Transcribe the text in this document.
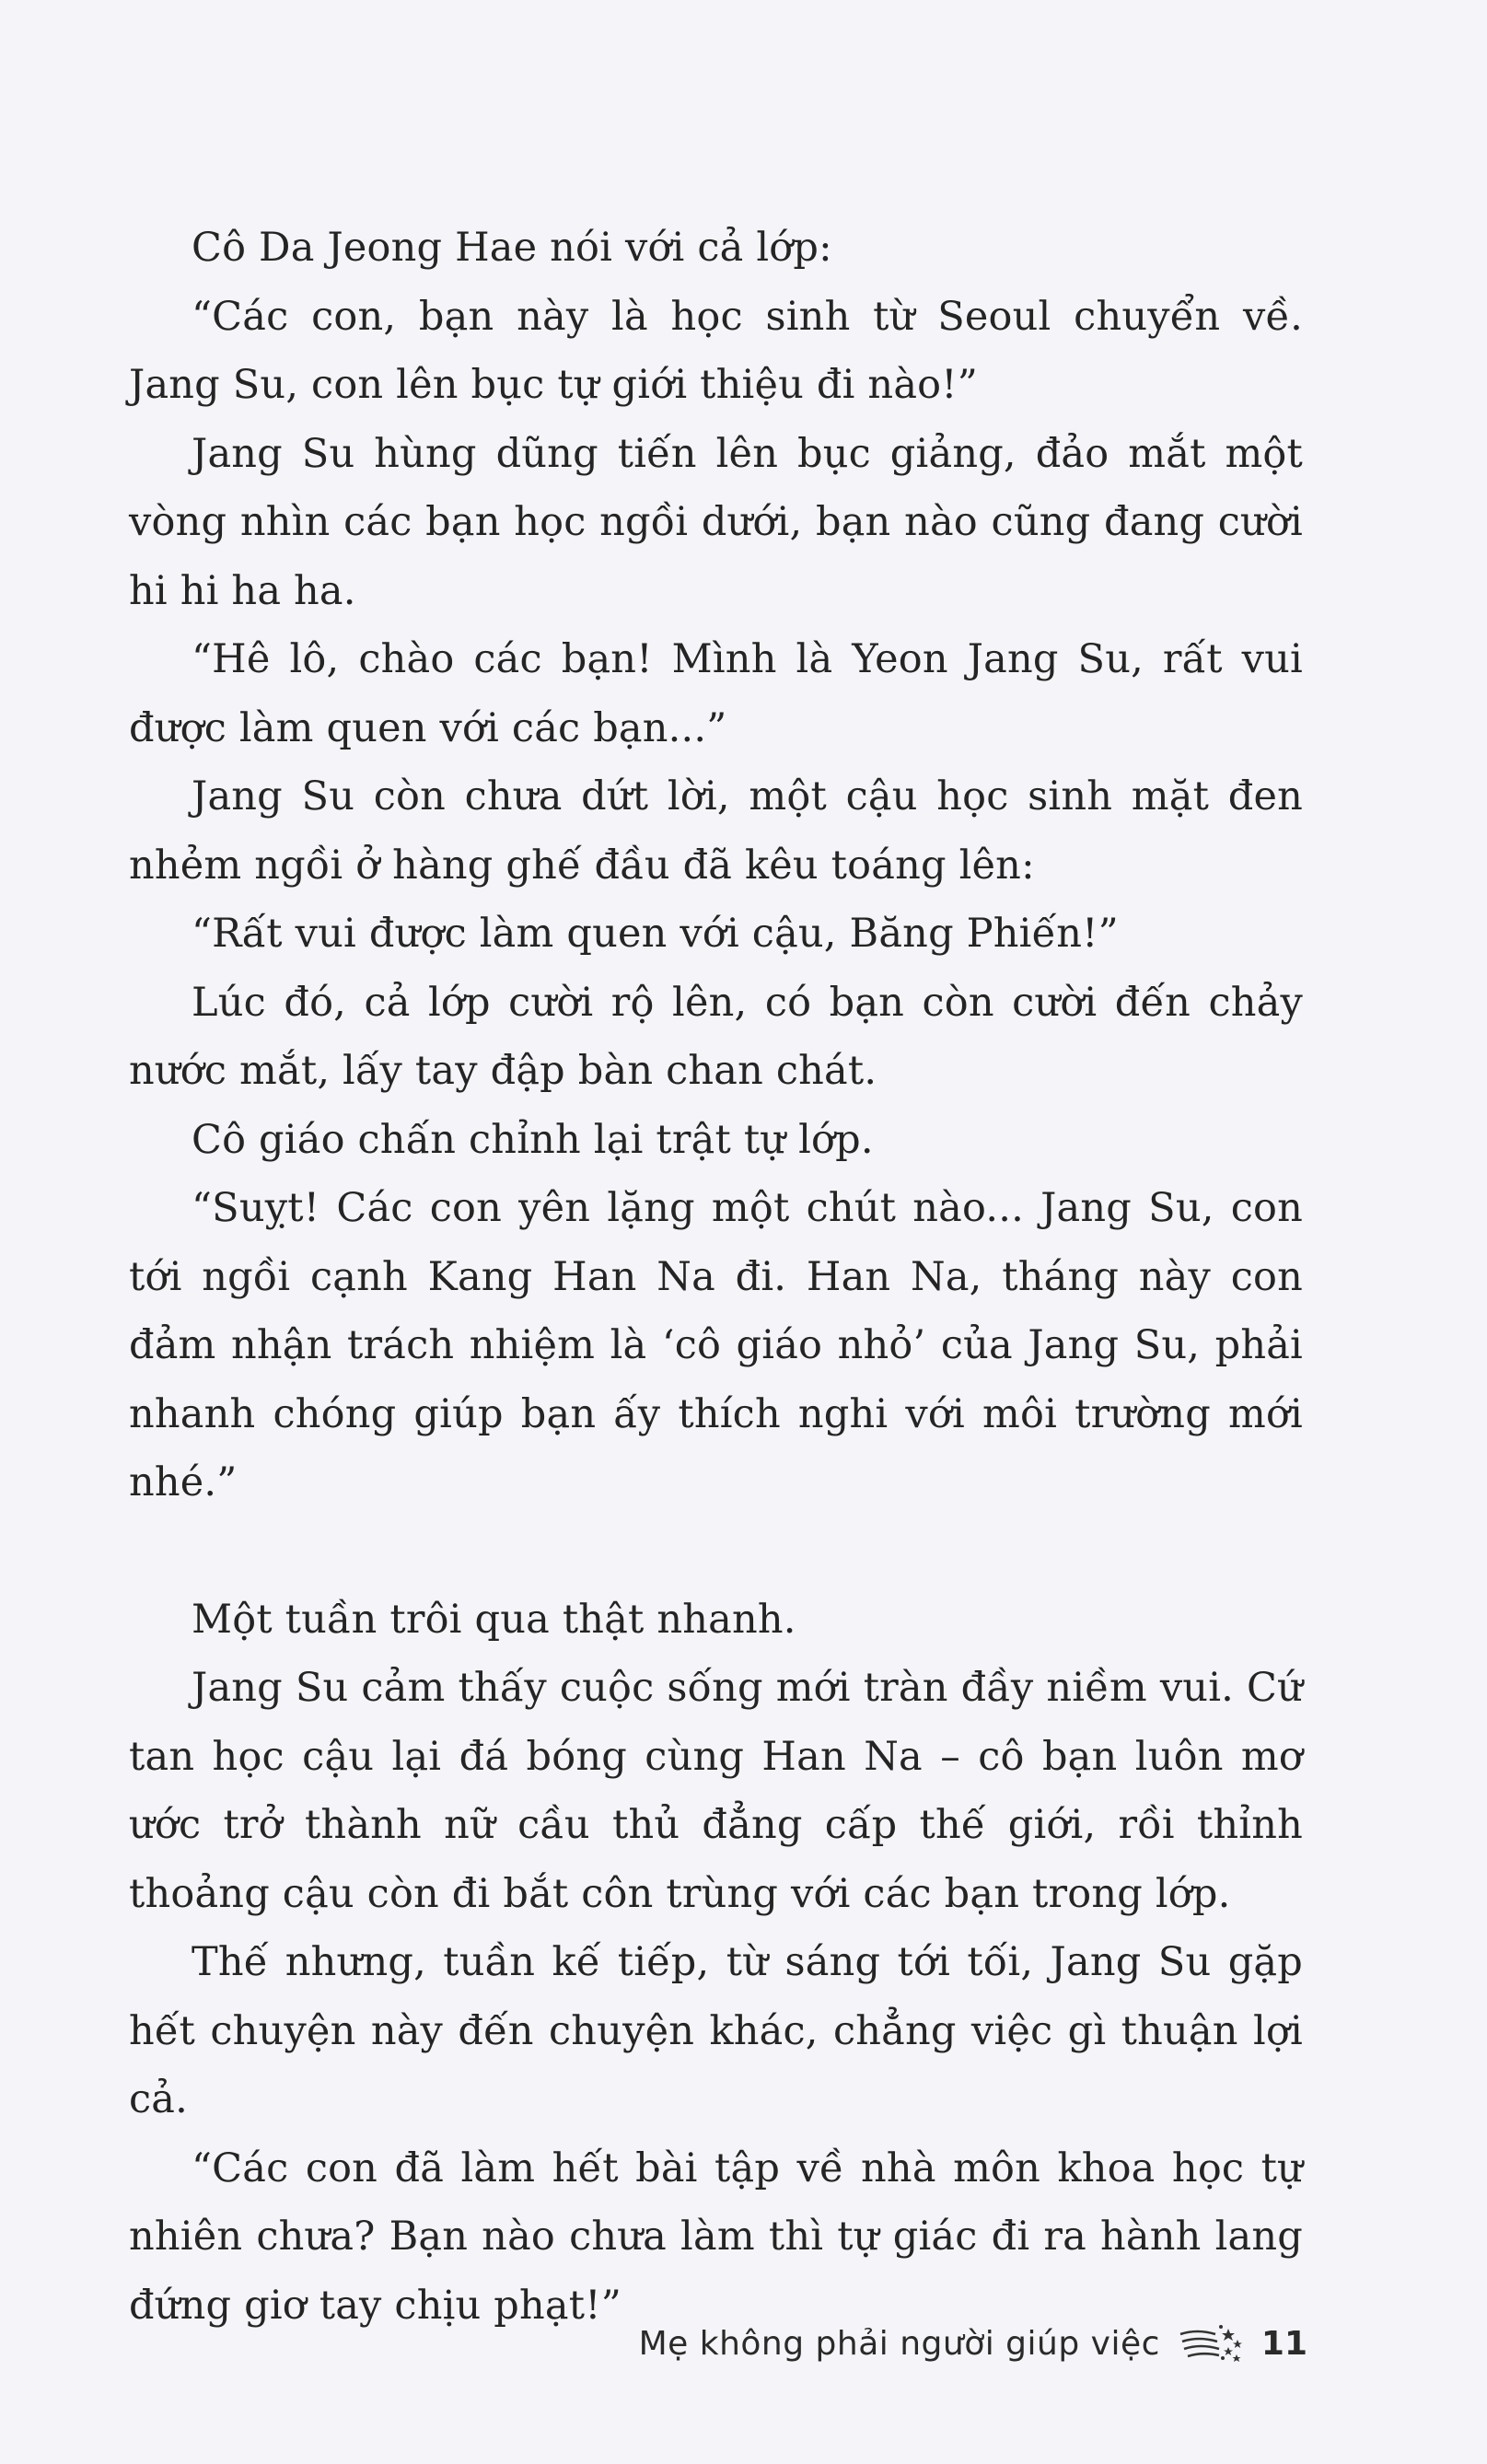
Cô Da Jeong Hae nói với cả lớp:

“Các con, bạn này là học sinh từ Seoul chuyển về. Jang Su, con lên bục tự giới thiệu đi nào!”

Jang Su hùng dũng tiến lên bục giảng, đảo mắt một vòng nhìn các bạn học ngồi dưới, bạn nào cũng đang cười hi hi ha ha.

“Hê lô, chào các bạn! Mình là Yeon Jang Su, rất vui được làm quen với các bạn...”

Jang Su còn chưa dứt lời, một cậu học sinh mặt đen nhẻm ngồi ở hàng ghế đầu đã kêu toáng lên:

“Rất vui được làm quen với cậu, Băng Phiến!”

Lúc đó, cả lớp cười rộ lên, có bạn còn cười đến chảy nước mắt, lấy tay đập bàn chan chát.

Cô giáo chấn chỉnh lại trật tự lớp.

“Suỵt! Các con yên lặng một chút nào... Jang Su, con tới ngồi cạnh Kang Han Na đi. Han Na, tháng này con đảm nhận trách nhiệm là ‘cô giáo nhỏ’ của Jang Su, phải nhanh chóng giúp bạn ấy thích nghi với môi trường mới nhé.”

Một tuần trôi qua thật nhanh.

Jang Su cảm thấy cuộc sống mới tràn đầy niềm vui. Cứ tan học cậu lại đá bóng cùng Han Na – cô bạn luôn mơ ước trở thành nữ cầu thủ đẳng cấp thế giới, rồi thỉnh thoảng cậu còn đi bắt côn trùng với các bạn trong lớp.

Thế nhưng, tuần kế tiếp, từ sáng tới tối, Jang Su gặp hết chuyện này đến chuyện khác, chẳng việc gì thuận lợi cả.

“Các con đã làm hết bài tập về nhà môn khoa học tự nhiên chưa? Bạn nào chưa làm thì tự giác đi ra hành lang đứng giơ tay chịu phạt!”

Mẹ không phải người giúp việc	11
